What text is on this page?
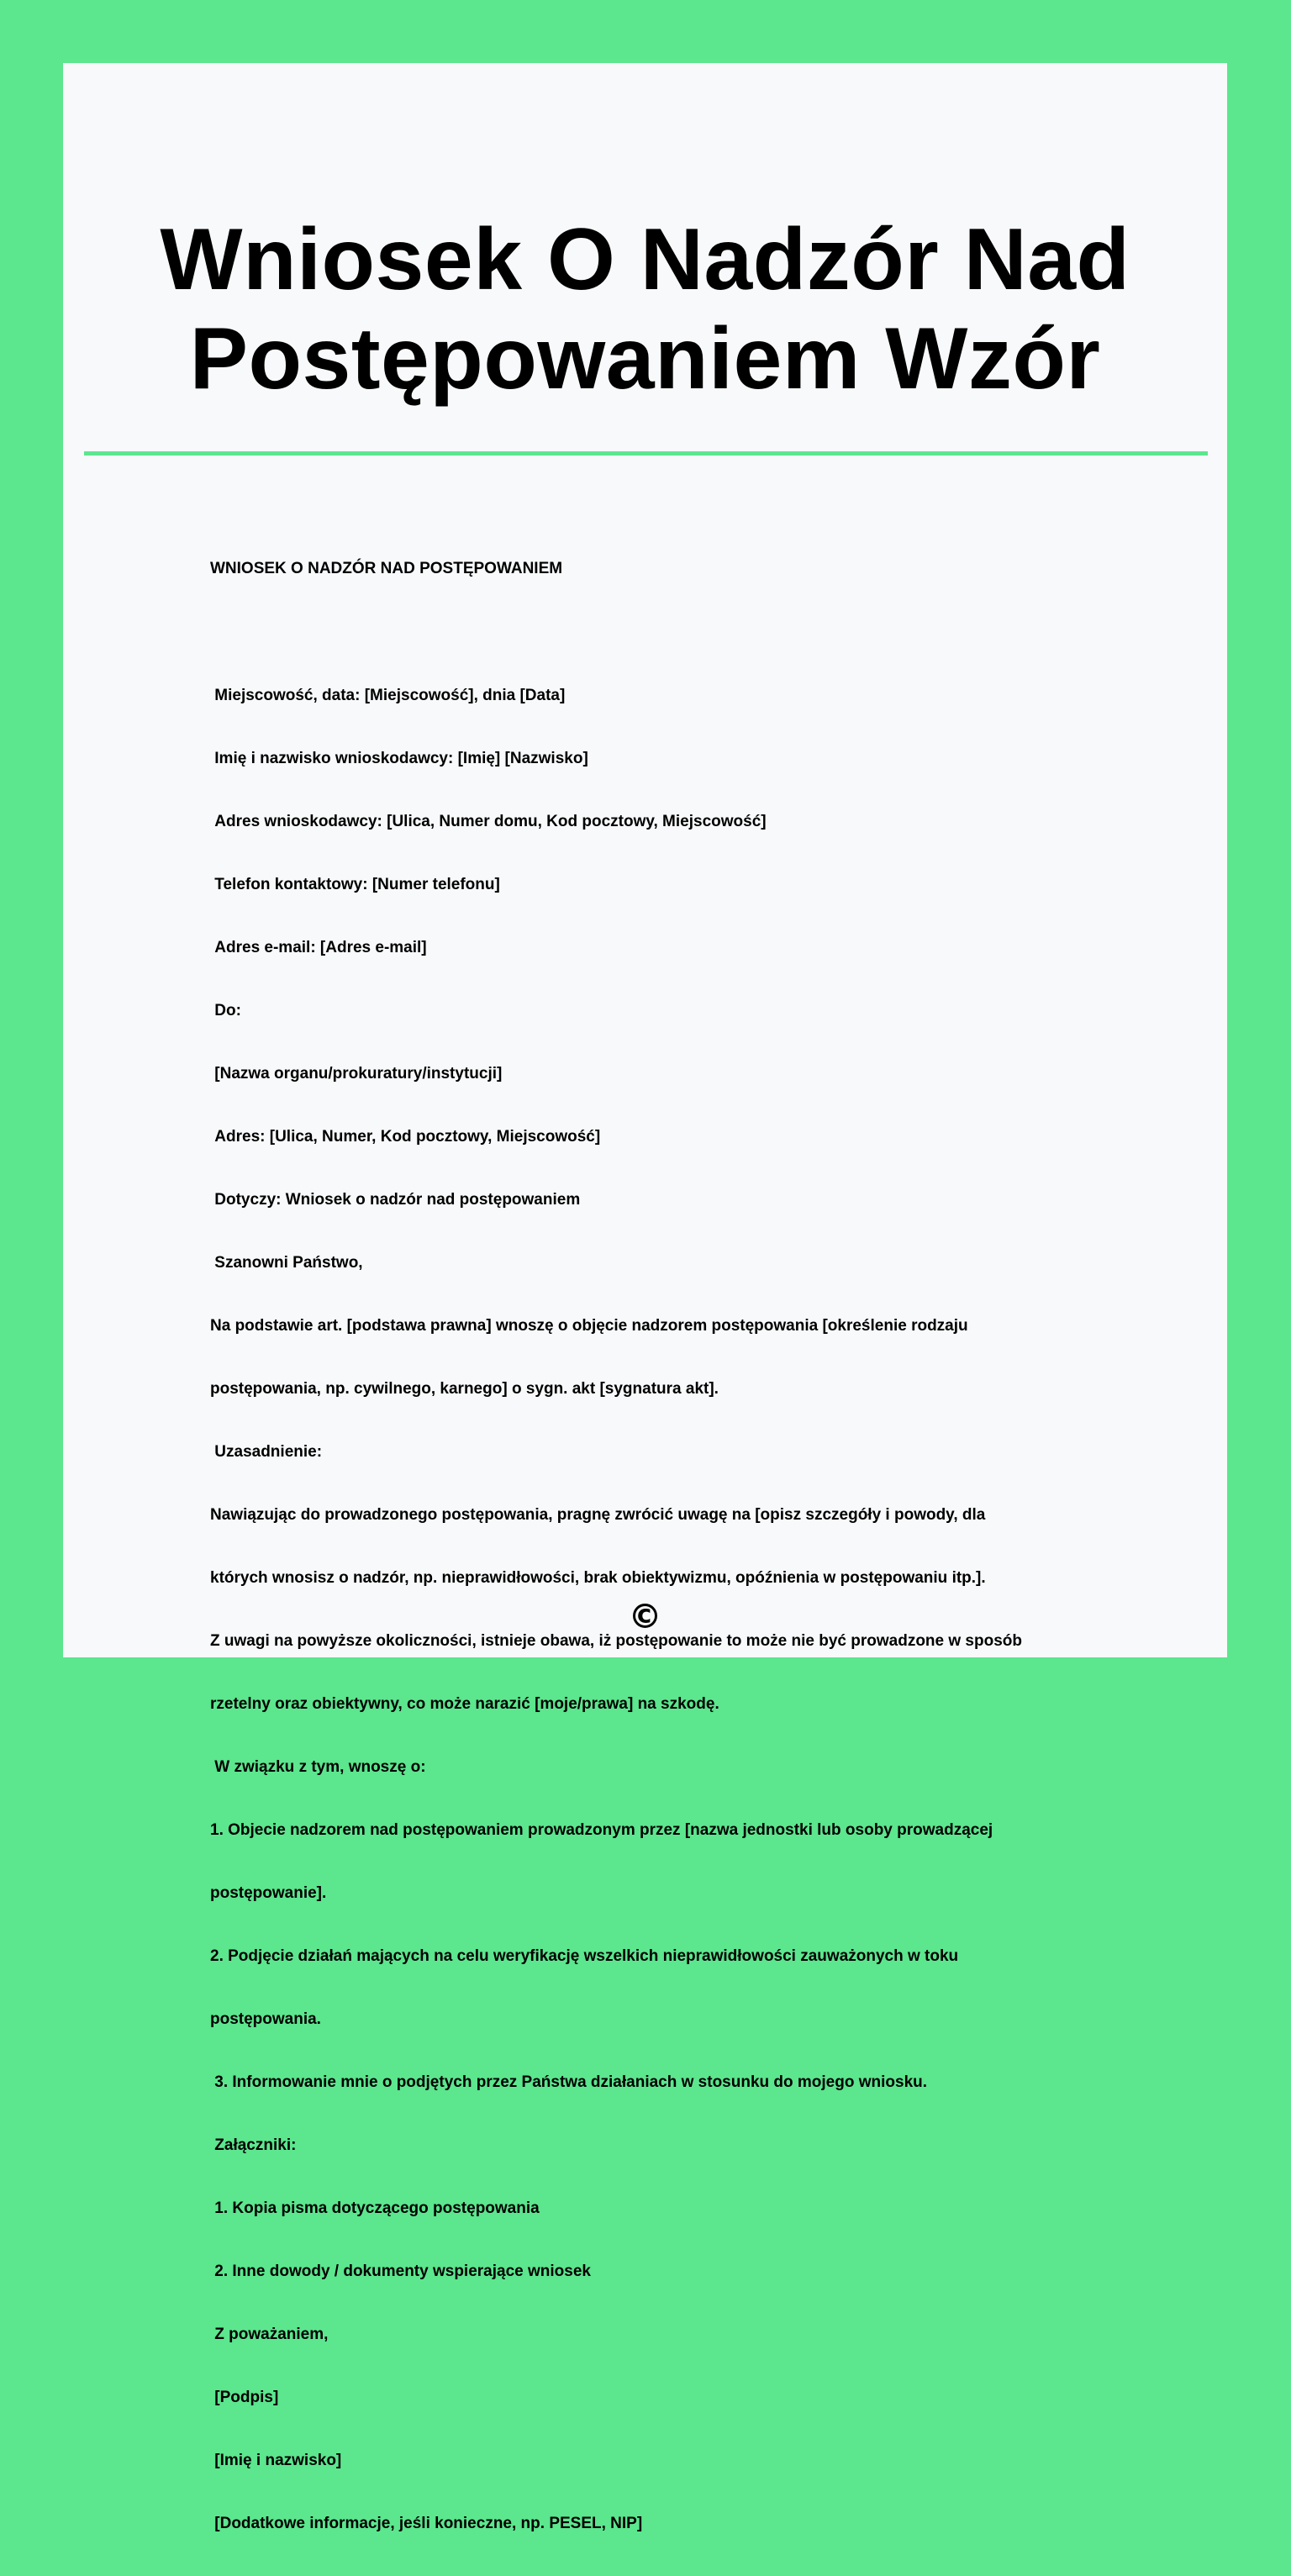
Wniosek O Nadzór Nad Postępowaniem Wzór
WNIOSEK O NADZÓR NAD POSTĘPOWANIEM

Miejscowość, data: [Miejscowość], dnia [Data]

Imię i nazwisko wnioskodawcy: [Imię] [Nazwisko]

Adres wnioskodawcy: [Ulica, Numer domu, Kod pocztowy, Miejscowość]

Telefon kontaktowy: [Numer telefonu]

Adres e-mail: [Adres e-mail]

Do:

[Nazwa organu/prokuratury/instytucji]

Adres: [Ulica, Numer, Kod pocztowy, Miejscowość]

Dotyczy: Wniosek o nadzór nad postępowaniem

Szanowni Państwo,

Na podstawie art. [podstawa prawna] wnoszę o objęcie nadzorem postępowania [określenie rodzaju

postępowania, np. cywilnego, karnego] o sygn. akt [sygnatura akt].

Uzasadnienie:

Nawiązując do prowadzonego postępowania, pragnę zwrócić uwagę na [opisz szczegóły i powody, dla

których wnosisz o nadzór, np. nieprawidłowości, brak obiektywizmu, opóźnienia w postępowaniu itp.].

Z uwagi na powyższe okoliczności, istnieje obawa, iż postępowanie to może nie być prowadzone w sposób

rzetelny oraz obiektywny, co może narazić [moje/prawa] na szkodę.

W związku z tym, wnoszę o:

1. Objecie nadzorem nad postępowaniem prowadzonym przez [nazwa jednostki lub osoby prowadzącej

postępowanie].

2. Podjęcie działań mających na celu weryfikację wszelkich nieprawidłowości zauważonych w toku

postępowania.

3. Informowanie mnie o podjętych przez Państwa działaniach w stosunku do mojego wniosku.

Załączniki:

1. Kopia pisma dotyczącego postępowania

2. Inne dowody / dokumenty wspierające wniosek

Z poważaniem,

[Podpis]

[Imię i nazwisko]

[Dodatkowe informacje, jeśli konieczne, np. PESEL, NIP]

©
